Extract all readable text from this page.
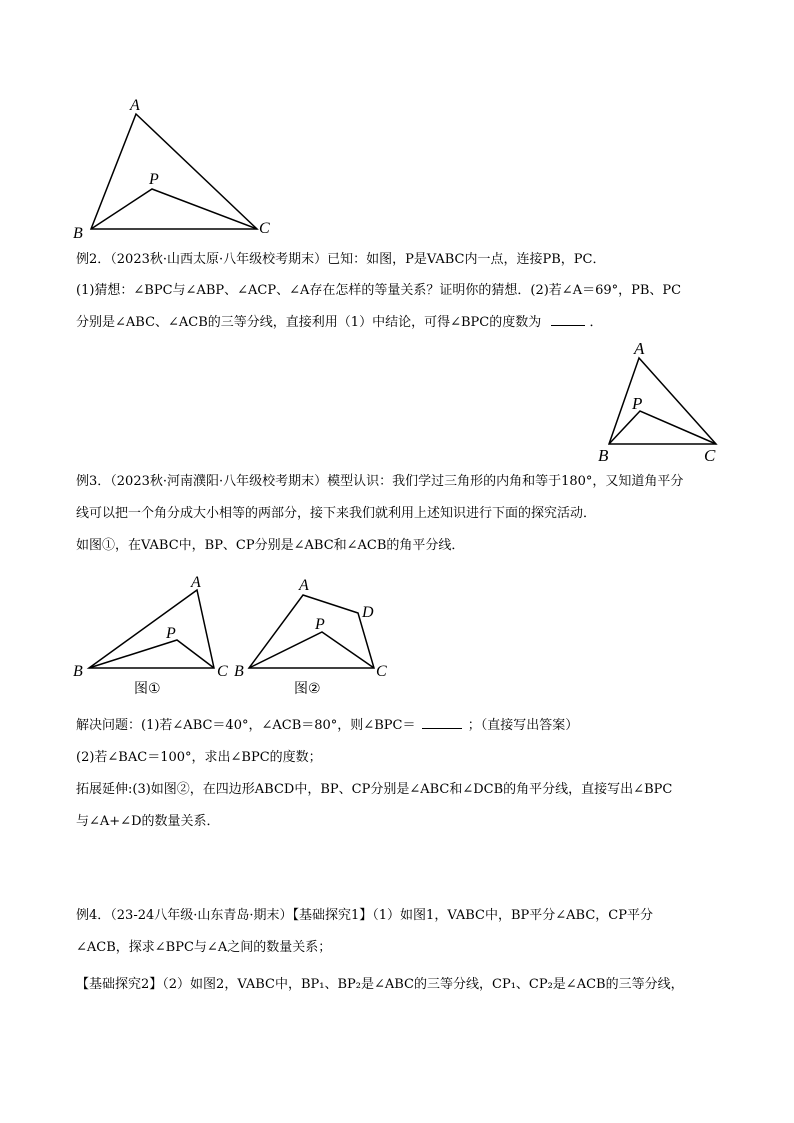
A
P
B	C
例2．（2023秋·山西太原·八年级校考期末）已知：如图，P是VABC内一点，连接PB，PC．
(1)猜想：∠BPC与∠ABP、∠ACP、∠A存在怎样的等量关系？证明你的猜想．(2)若∠A＝69°，PB、PC
分别是∠ABC、∠ACB的三等分线，直接利用（1）中结论，可得∠BPC的度数为	．
A
P
B	C
例3．（2023秋·河南濮阳·八年级校考期末）模型认识：我们学过三角形的内角和等于180°，又知道角平分
线可以把一个角分成大小相等的两部分，接下来我们就利用上述知识进行下面的探究活动．
如图①，在VABC中，BP、CP分别是∠ABC和∠ACB的角平分线．
A
P
B	C
图①
A
D
P
B	C
图②
解决问题：(1)若∠ABC＝40°，∠ACB＝80°，则∠BPC＝	；（直接写出答案）
(2)若∠BAC＝100°，求出∠BPC的度数；
拓展延伸:(3)如图②，在四边形ABCD中，BP、CP分别是∠ABC和∠DCB的角平分线，直接写出∠BPC
与∠A+∠D的数量关系．
例4．（23-24八年级·山东青岛·期末）【基础探究1】（1）如图1，VABC中，BP平分∠ABC，CP平分
∠ACB，探求∠BPC与∠A之间的数量关系；
【基础探究2】（2）如图2，VABC中，BP₁、BP₂是∠ABC的三等分线，CP₁、CP₂是∠ACB的三等分线，
